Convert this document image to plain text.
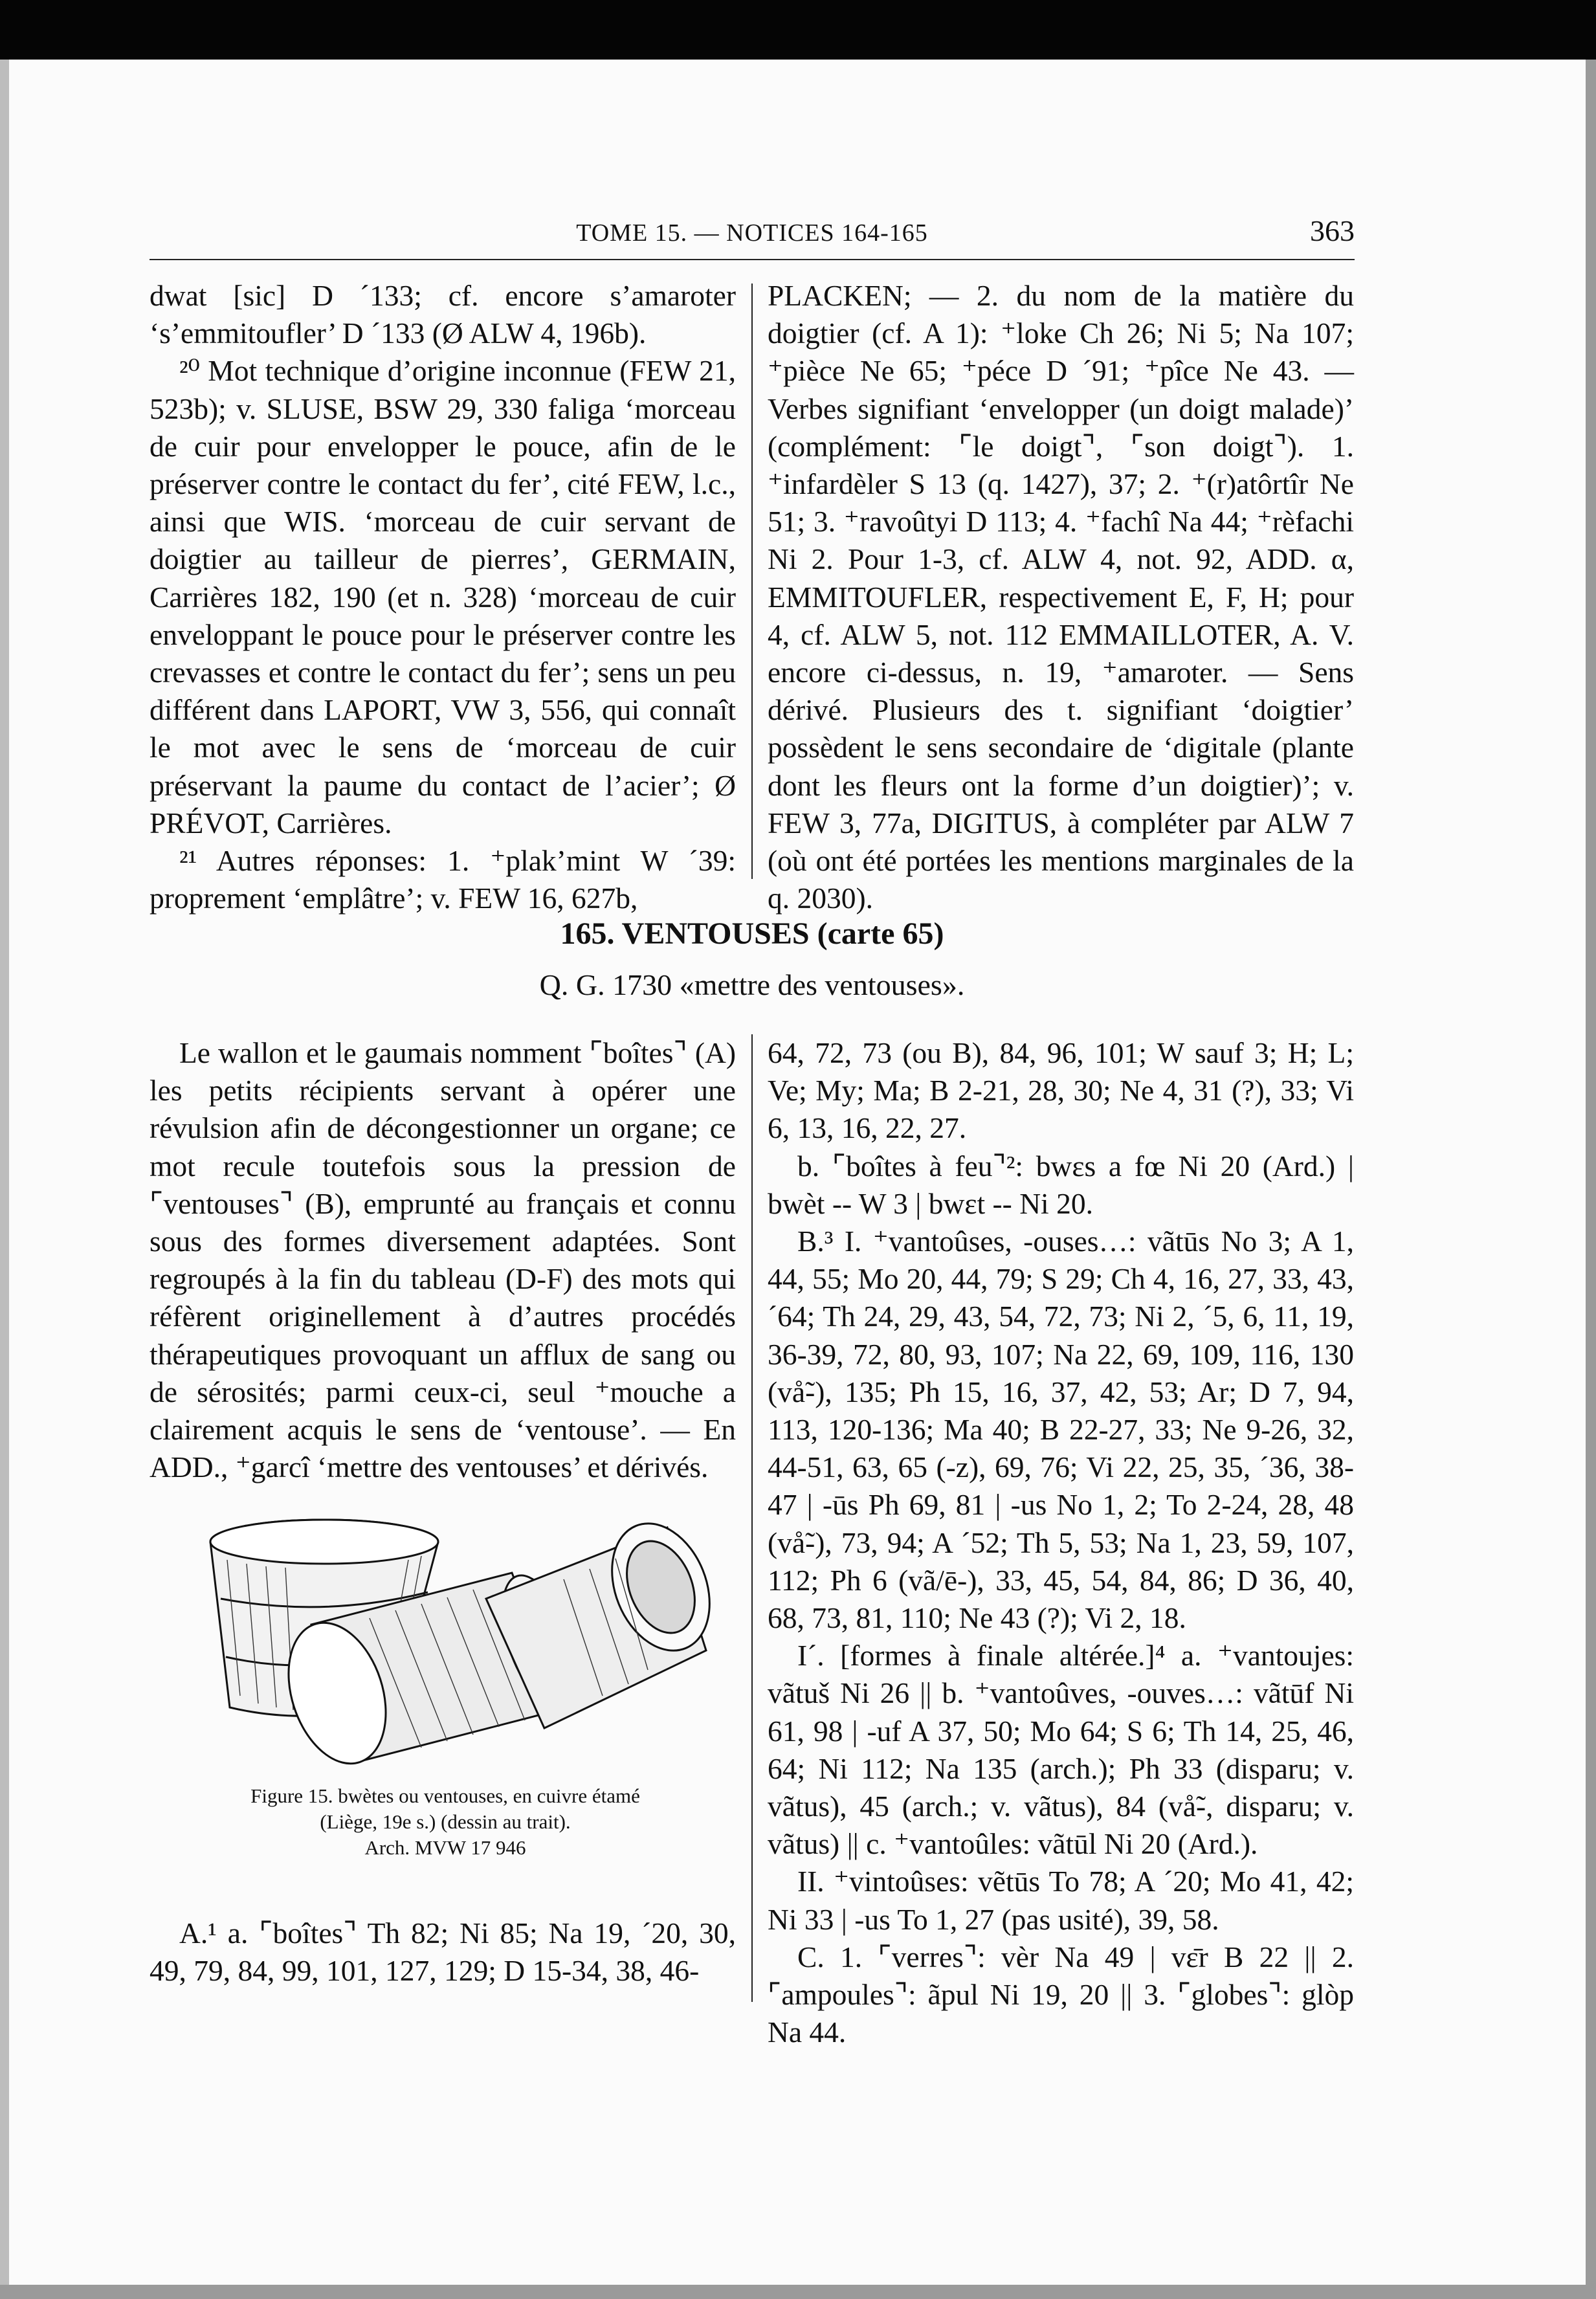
TOME 15. — NOTICES 164-165	363

dwat [sic] D ´133; cf. encore s’amaroter ‘s’emmitoufler’ D ´133 (Ø ALW 4, 196b).

²⁰ Mot technique d’origine inconnue (FEW 21, 523b); v. SLUSE, BSW 29, 330 faliga ‘morceau de cuir pour envelopper le pouce, afin de le préserver contre le contact du fer’, cité FEW, l.c., ainsi que WIS. ‘morceau de cuir servant de doigtier au tailleur de pierres’, GERMAIN, Carrières 182, 190 (et n. 328) ‘morceau de cuir enveloppant le pouce pour le préserver contre les crevasses et contre le contact du fer’; sens un peu différent dans LAPORT, VW 3, 556, qui connaît le mot avec le sens de ‘morceau de cuir préservant la paume du contact de l’acier’; Ø PRÉVOT, Carrières.

²¹ Autres réponses: 1. ⁺plak’mint W ´39: proprement ‘emplâtre’; v. FEW 16, 627b,

PLACKEN; — 2. du nom de la matière du doigtier (cf. A 1): ⁺loke Ch 26; Ni 5; Na 107; ⁺pièce Ne 65; ⁺péce D ´91; ⁺pîce Ne 43. — Verbes signifiant ‘envelopper (un doigt malade)’ (complément: ⌜le doigt⌝, ⌜son doigt⌝). 1. ⁺infardèler S 13 (q. 1427), 37; 2. ⁺(r)atôrtîr Ne 51; 3. ⁺ravoûtyi D 113; 4. ⁺fachî Na 44; ⁺rèfachi Ni 2. Pour 1-3, cf. ALW 4, not. 92, ADD. α, EMMITOUFLER, respectivement E, F, H; pour 4, cf. ALW 5, not. 112 EMMAILLOTER, A. V. encore ci-dessus, n. 19, ⁺amaroter. — Sens dérivé. Plusieurs des t. signifiant ‘doigtier’ possèdent le sens secondaire de ‘digitale (plante dont les fleurs ont la forme d’un doigtier)’; v. FEW 3, 77a, DIGITUS, à compléter par ALW 7 (où ont été portées les mentions marginales de la q. 2030).

165. VENTOUSES (carte 65)
Q. G. 1730 «mettre des ventouses».

Le wallon et le gaumais nomment ⌜boîtes⌝ (A) les petits récipients servant à opérer une révulsion afin de décongestionner un organe; ce mot recule toutefois sous la pression de ⌜ventouses⌝ (B), emprunté au français et connu sous des formes diversement adaptées. Sont regroupés à la fin du tableau (D-F) des mots qui réfèrent originellement à d’autres procédés thérapeutiques provoquant un afflux de sang ou de sérosités; parmi ceux-ci, seul ⁺mouche a clairement acquis le sens de ‘ventouse’. — En ADD., ⁺garcî ‘mettre des ventouses’ et dérivés.

Figure 15. bwètes ou ventouses, en cuivre étamé
(Liège, 19e s.) (dessin au trait).
Arch. MVW 17 946

A.¹ a. ⌜boîtes⌝ Th 82; Ni 85; Na 19, ´20, 30, 49, 79, 84, 99, 101, 127, 129; D 15-34, 38, 46-

64, 72, 73 (ou B), 84, 96, 101; W sauf 3; H; L; Ve; My; Ma; B 2-21, 28, 30; Ne 4, 31 (?), 33; Vi 6, 13, 16, 22, 27.

b. ⌜boîtes à feu⌝²: bwɛs a fœ Ni 20 (Ard.) | bwèt -- W 3 | bwɛt -- Ni 20.

B.³ I. ⁺vantoûses, -ouses…: vãtūs No 3; A 1, 44, 55; Mo 20, 44, 79; S 29; Ch 4, 16, 27, 33, 43, ´64; Th 24, 29, 43, 54, 72, 73; Ni 2, ´5, 6, 11, 19, 36-39, 72, 80, 93, 107; Na 22, 69, 109, 116, 130 (vå̃-), 135; Ph 15, 16, 37, 42, 53; Ar; D 7, 94, 113, 120-136; Ma 40; B 22-27, 33; Ne 9-26, 32, 44-51, 63, 65 (-z), 69, 76; Vi 22, 25, 35, ´36, 38-47 | -ūs Ph 69, 81 | -us No 1, 2; To 2-24, 28, 48 (vå̃-), 73, 94; A ´52; Th 5, 53; Na 1, 23, 59, 107, 112; Ph 6 (vã/ē-), 33, 45, 54, 84, 86; D 36, 40, 68, 73, 81, 110; Ne 43 (?); Vi 2, 18.

I´. [formes à finale altérée.]⁴ a. ⁺vantoujes: vãtuš Ni 26 || b. ⁺vantoûves, -ouves…: vãtūf Ni 61, 98 | -uf A 37, 50; Mo 64; S 6; Th 14, 25, 46, 64; Ni 112; Na 135 (arch.); Ph 33 (disparu; v. vãtus), 45 (arch.; v. vãtus), 84 (vå̃-, disparu; v. vãtus) || c. ⁺vantoûles: vãtūl Ni 20 (Ard.).

II. ⁺vintoûses: vẽtūs To 78; A ´20; Mo 41, 42; Ni 33 | -us To 1, 27 (pas usité), 39, 58.

C. 1. ⌜verres⌝: vèr Na 49 | vɛ̄r B 22 || 2. ⌜ampoules⌝: ãpul Ni 19, 20 || 3. ⌜globes⌝: glòp Na 44.
